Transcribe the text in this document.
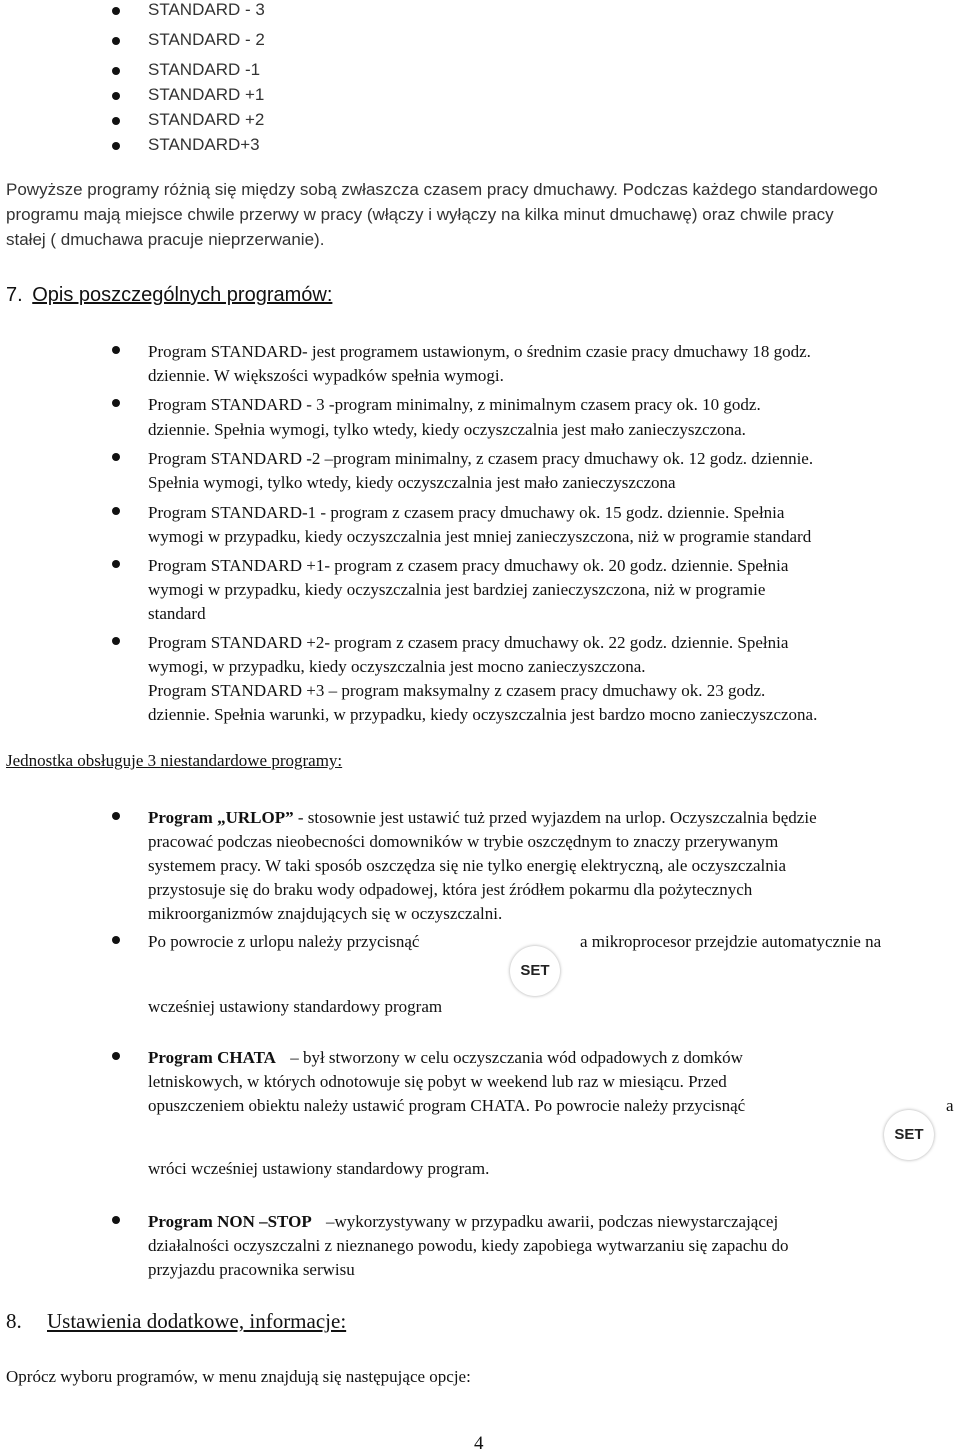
STANDARD - 3
STANDARD - 2
STANDARD -1
STANDARD +1
STANDARD +2
STANDARD+3
Powyższe programy różnią się między sobą zwłaszcza czasem pracy dmuchawy. Podczas każdego standardowego
programu mają miejsce chwile przerwy w pracy (włączy i wyłączy na kilka minut dmuchawę) oraz chwile pracy
stałej ( dmuchawa pracuje nieprzerwanie).
7. Opis poszczególnych programów:
Program STANDARD- jest programem ustawionym, o średnim czasie pracy dmuchawy 18 godz.
dziennie. W większości wypadków spełnia wymogi.
Program STANDARD - 3 -program minimalny, z minimalnym czasem pracy ok. 10 godz.
dziennie. Spełnia wymogi, tylko wtedy, kiedy oczyszczalnia jest mało zanieczyszczona.
Program STANDARD -2 –program minimalny, z czasem pracy dmuchawy ok. 12 godz. dziennie.
Spełnia wymogi, tylko wtedy, kiedy oczyszczalnia jest mało zanieczyszczona
Program STANDARD-1 - program z czasem pracy dmuchawy ok. 15 godz. dziennie. Spełnia
wymogi w przypadku, kiedy oczyszczalnia jest mniej zanieczyszczona, niż w programie standard
Program STANDARD +1- program z czasem pracy dmuchawy ok. 20 godz. dziennie. Spełnia
wymogi w przypadku, kiedy oczyszczalnia jest bardziej zanieczyszczona, niż w programie
standard
Program STANDARD +2- program z czasem pracy dmuchawy ok. 22 godz. dziennie. Spełnia
wymogi, w przypadku, kiedy oczyszczalnia jest mocno zanieczyszczona.
Program STANDARD +3 – program maksymalny z czasem pracy dmuchawy ok. 23 godz.
dziennie. Spełnia warunki, w przypadku, kiedy oczyszczalnia jest bardzo mocno zanieczyszczona.
Jednostka obsługuje 3 niestandardowe programy:
Program „URLOP” - stosownie jest ustawić tuż przed wyjazdem na urlop. Oczyszczalnia będzie
pracować podczas nieobecności domowników w trybie oszczędnym to znaczy przerywanym
systemem pracy. W taki sposób oszczędza się nie tylko energię elektryczną, ale oczyszczalnia
przystosuje się do braku wody odpadowej, która jest źródłem pokarmu dla pożytecznych
mikroorganizmów znajdujących się w oczyszczalni.
Po powrocie z urlopu należy przycisnąć	a mikroprocesor przejdzie automatycznie na
wcześniej ustawiony standardowy program
SET
Program CHATA – był stworzony w celu oczyszczania wód odpadowych z domków
letniskowych, w których odnotowuje się pobyt w weekend lub raz w miesiącu. Przed
opuszczeniem obiektu należy ustawić program CHATA. Po powrocie należy przycisnąć	a
wróci wcześniej ustawiony standardowy program.
SET
Program NON –STOP –wykorzystywany w przypadku awarii, podczas niewystarczającej
działalności oczyszczalni z nieznanego powodu, kiedy zapobiega wytwarzaniu się zapachu do
przyjazdu pracownika serwisu
8. Ustawienia dodatkowe, informacje:
Oprócz wyboru programów, w menu znajdują się następujące opcje:
4
